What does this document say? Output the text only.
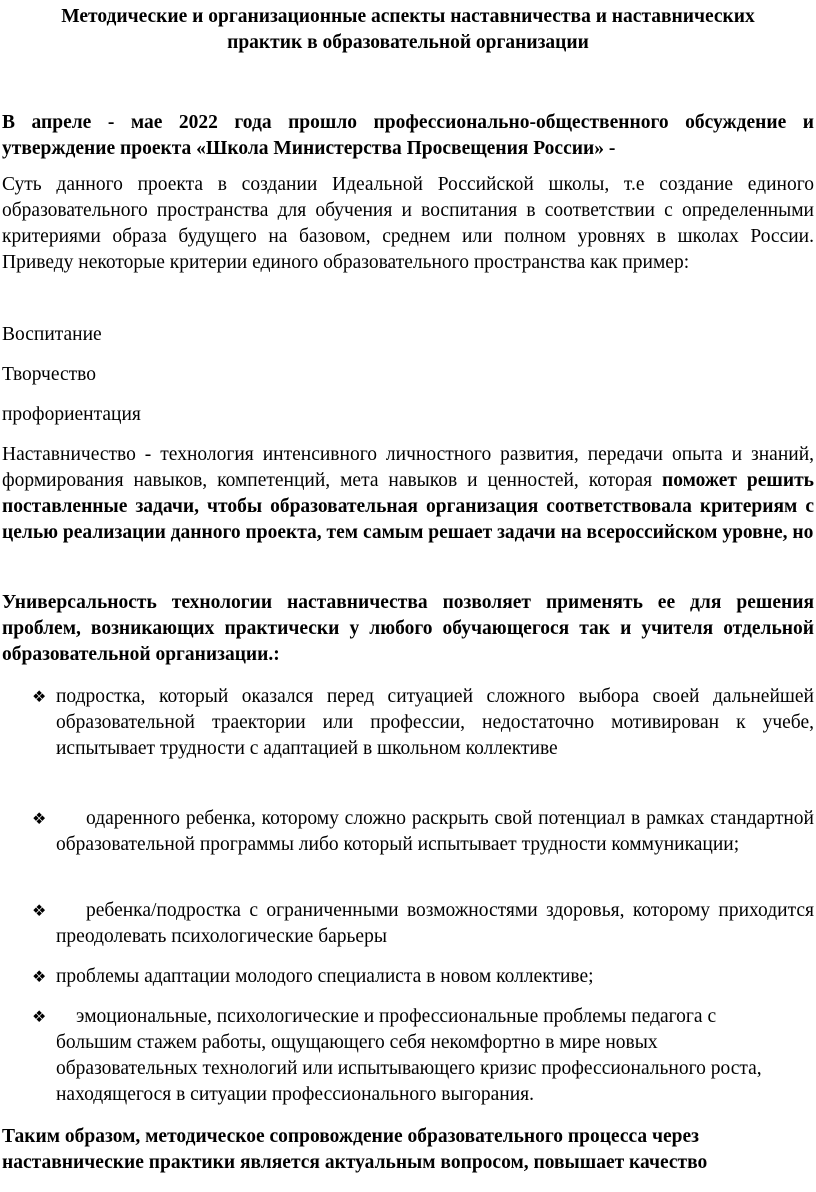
Методические и организационные аспекты наставничества и наставнических
практик в образовательной организации
В апреле - мае 2022 года прошло профессионально-общественного обсуждение и утверждение проекта «Школа Министерства Просвещения России» -
Суть данного проекта в создании Идеальной Российской школы, т.е создание единого образовательного пространства для обучения и воспитания в соответствии с определенными критериями образа будущего на базовом, среднем или полном уровнях в школах России. Приведу некоторые критерии единого образовательного пространства как пример:
Воспитание
Творчество
профориентация
Наставничество - технология интенсивного личностного развития, передачи опыта и знаний, формирования навыков, компетенций, мета навыков и ценностей, которая поможет решить поставленные задачи, чтобы образовательная организация соответствовала критериям с целью реализации данного проекта, тем самым решает задачи на всероссийском уровне, но
Универсальность технологии наставничества позволяет применять ее для решения проблем, возникающих практически у любого обучающегося так и учителя отдельной образовательной организации.:
❖ подростка, который оказался перед ситуацией сложного выбора своей дальнейшей образовательной траектории или профессии, недостаточно мотивирован к учебе, испытывает трудности с адаптацией в школьном коллективе
❖	одаренного ребенка, которому сложно раскрыть свой потенциал в рамках стандартной образовательной программы либо который испытывает трудности коммуникации;
❖	ребенка/подростка с ограниченными возможностями здоровья, которому приходится преодолевать психологические барьеры
❖ проблемы адаптации молодого специалиста в новом коллективе;
❖	эмоциональные, психологические и профессиональные проблемы педагога с большим стажем работы, ощущающего себя некомфортно в мире новых образовательных технологий или испытывающего кризис профессионального роста, находящегося в ситуации профессионального выгорания.
Таким образом, методическое сопровождение образовательного процесса через наставнические практики является актуальным вопросом, повышает качество
